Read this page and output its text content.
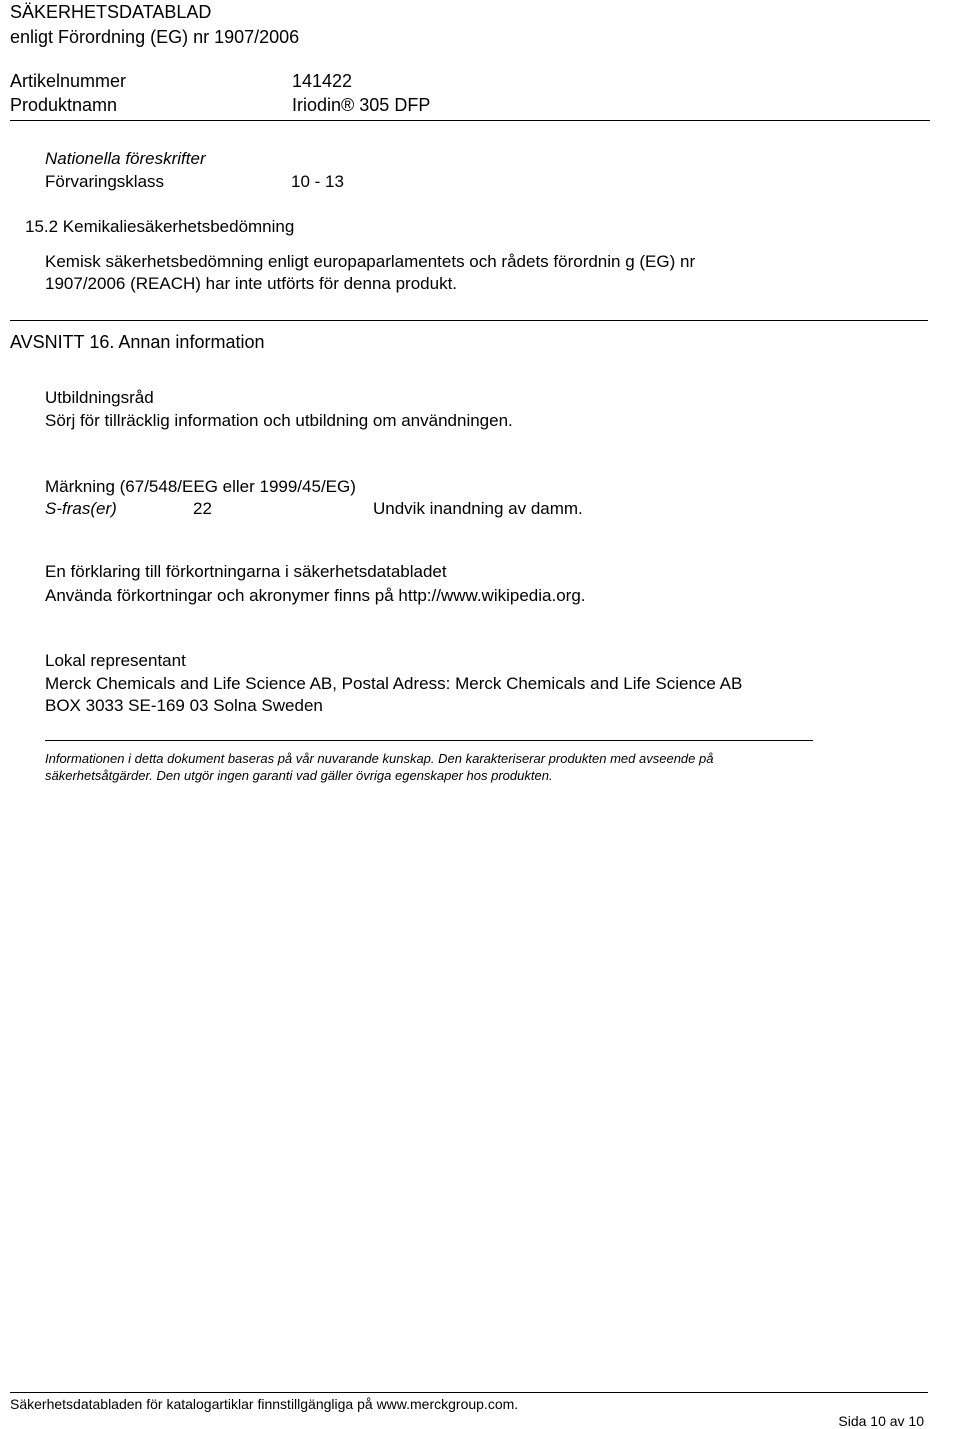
SÄKERHETSDATABLAD
enligt Förordning (EG) nr 1907/2006
Artikelnummer	141422
Produktnamn	Iriodin® 305 DFP
Nationella föreskrifter
Förvaringsklass	10 - 13
15.2 Kemikaliesäkerhetsbedömning
Kemisk säkerhetsbedömning enligt europaparlamentets och rådets förordnin g (EG) nr
1907/2006 (REACH) har inte utförts för denna produkt.
AVSNITT 16. Annan information
Utbildningsråd
Sörj för tillräcklig information och utbildning om användningen.
Märkning (67/548/EEG eller 1999/45/EG)
S-fras(er)	22	Undvik inandning av damm.
En förklaring till förkortningarna i säkerhetsdatabladet
Använda förkortningar och akronymer finns på http://www.wikipedia.org.
Lokal representant
Merck Chemicals and Life Science AB, Postal Adress: Merck Chemicals and Life Science AB
BOX 3033 SE-169 03 Solna Sweden
Informationen i detta dokument baseras på vår nuvarande kunskap. Den karakteriserar produkten med avseende på
säkerhetsåtgärder. Den utgör ingen garanti vad gäller övriga egenskaper hos produkten.
Säkerhetsdatabladen för katalogartiklar finnstillgängliga på www.merckgroup.com.
Sida 10 av 10
